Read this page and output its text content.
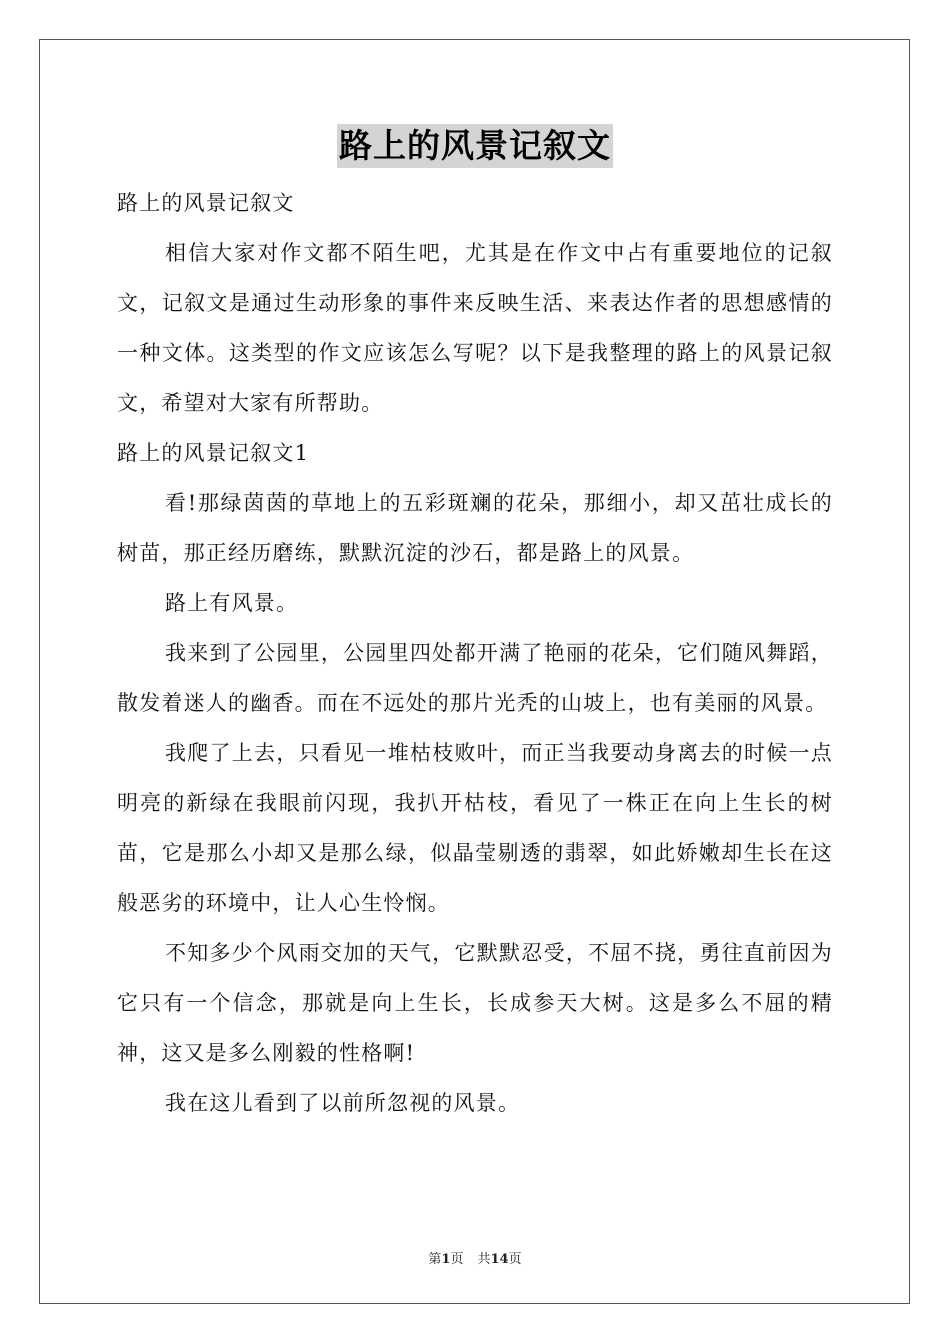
路上的风景记叙文

路上的风景记叙文

相信大家对作文都不陌生吧，尤其是在作文中占有重要地位的记叙文，记叙文是通过生动形象的事件来反映生活、来表达作者的思想感情的一种文体。这类型的作文应该怎么写呢？以下是我整理的路上的风景记叙文，希望对大家有所帮助。

路上的风景记叙文1

看!那绿茵茵的草地上的五彩斑斓的花朵，那细小，却又茁壮成长的树苗，那正经历磨练，默默沉淀的沙石，都是路上的风景。

路上有风景。

我来到了公园里，公园里四处都开满了艳丽的花朵，它们随风舞蹈，散发着迷人的幽香。而在不远处的那片光秃的山坡上，也有美丽的风景。

我爬了上去，只看见一堆枯枝败叶，而正当我要动身离去的时候一点明亮的新绿在我眼前闪现，我扒开枯枝，看见了一株正在向上生长的树苗，它是那么小却又是那么绿，似晶莹剔透的翡翠，如此娇嫩却生长在这般恶劣的环境中，让人心生怜悯。

不知多少个风雨交加的天气，它默默忍受，不屈不挠，勇往直前因为它只有一个信念，那就是向上生长，长成参天大树。这是多么不屈的精神，这又是多么刚毅的性格啊!

我在这儿看到了以前所忽视的风景。

第1页 共14页
